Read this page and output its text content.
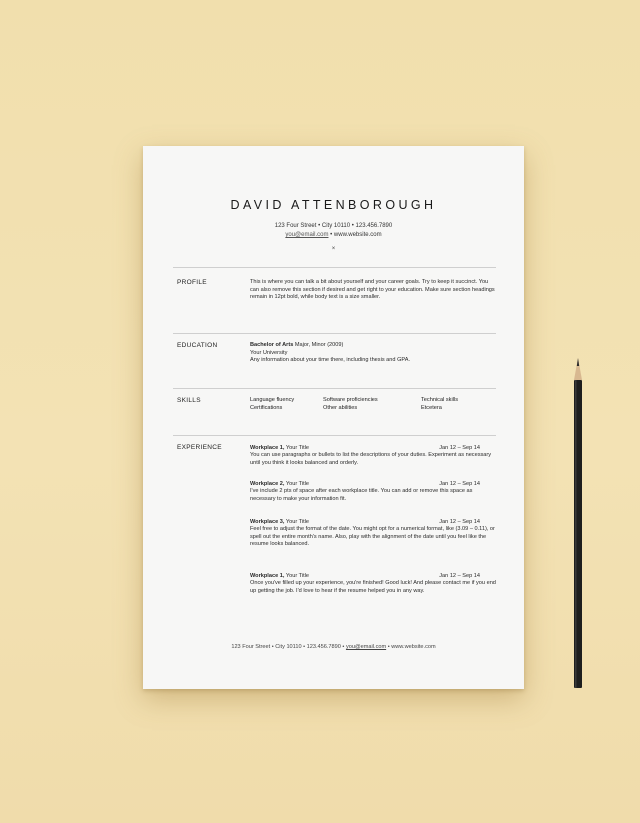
DAVID ATTENBOROUGH
123 Four Street • City 10110 • 123.456.7890
you@email.com • www.website.com
×
PROFILE	This is where you can talk a bit about yourself and your career goals. Try to keep it succinct. You can also remove this section if desired and get right to your education. Make sure section headings remain in 12pt bold, while body text is a size smaller.
EDUCATION	Bachelor of Arts Major, Minor (2009)
Your University
Any information about your time there, including thesis and GPA.
SKILLS	Language fluency	Software proficiencies	Technical skills
Certifications	Other abilities	Etcetera
EXPERIENCE	Workplace 1, Your Title	Jan 12 – Sep 14
You can use paragraphs or bullets to list the descriptions of your duties. Experiment as necessary until you think it looks balanced and orderly.
Workplace 2, Your Title	Jan 12 – Sep 14
I've include 2 pts of space after each workplace title. You can add or remove this space as necessary to make your information fit.
Workplace 3, Your Title	Jan 12 – Sep 14
Feel free to adjust the format of the date. You might opt for a numerical format, like (3.09 – 0.11), or spell out the entire month's name. Also, play with the alignment of the date until you feel like the resume looks balanced.
Workplace 1, Your Title	Jan 12 – Sep 14
Once you've filled up your experience, you're finished! Good luck! And please contact me if you end up getting the job. I'd love to hear if the resume helped you in any way.
123 Four Street • City 10110 • 123.456.7890 • you@email.com • www.website.com
